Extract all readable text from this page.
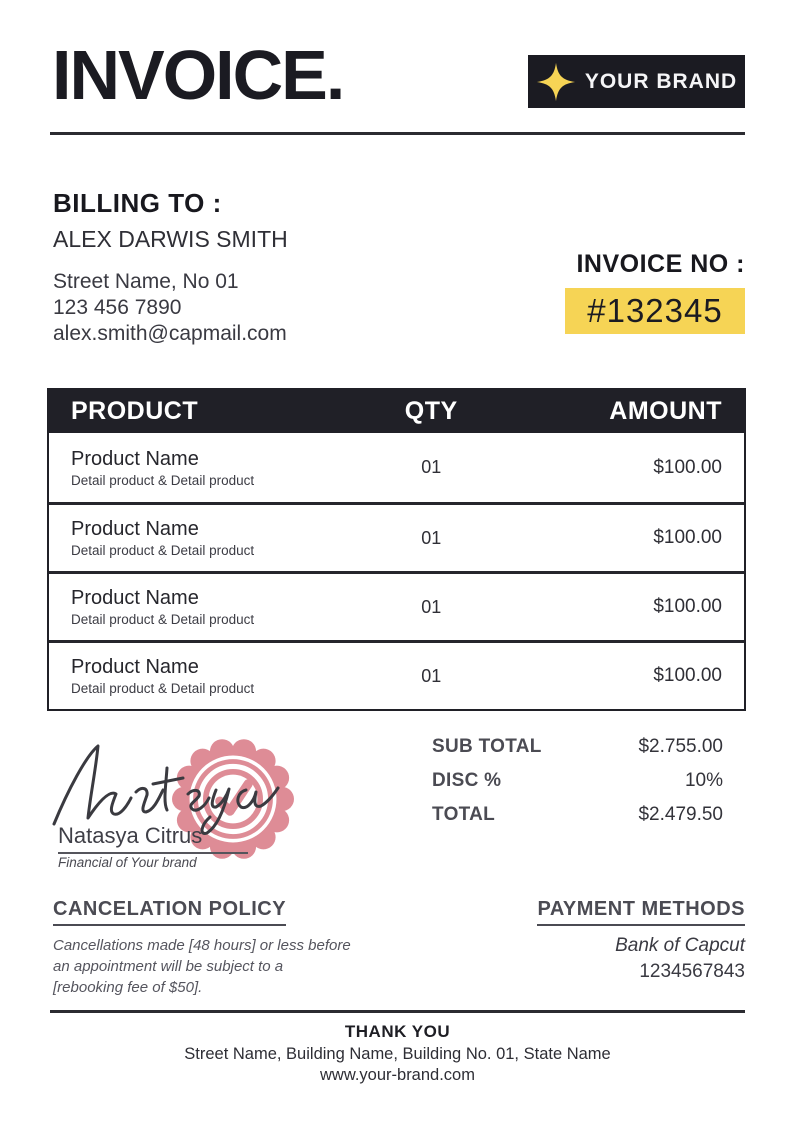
INVOICE.	YOUR BRAND
BILLING TO :
ALEX DARWIS SMITH
Street Name, No 01
123 456 7890
alex.smith@capmail.com
INVOICE NO :
#132345
PRODUCT	QTY	AMOUNT
Product Name
Detail product & Detail product
01	$100.00
Product Name
Detail product & Detail product
01	$100.00
Product Name
Detail product & Detail product
01	$100.00
Product Name
Detail product & Detail product
01	$100.00
SUB TOTAL	$2.755.00
DISC %	10%
TOTAL	$2.479.50
Natasya Citrus
Financial of Your brand
CANCELATION POLICY
Cancellations made [48 hours] or less before
an appointment will be subject to a
[rebooking fee of $50].
PAYMENT METHODS
Bank of Capcut
1234567843
THANK YOU
Street Name, Building Name, Building No. 01, State Name
www.your-brand.com
